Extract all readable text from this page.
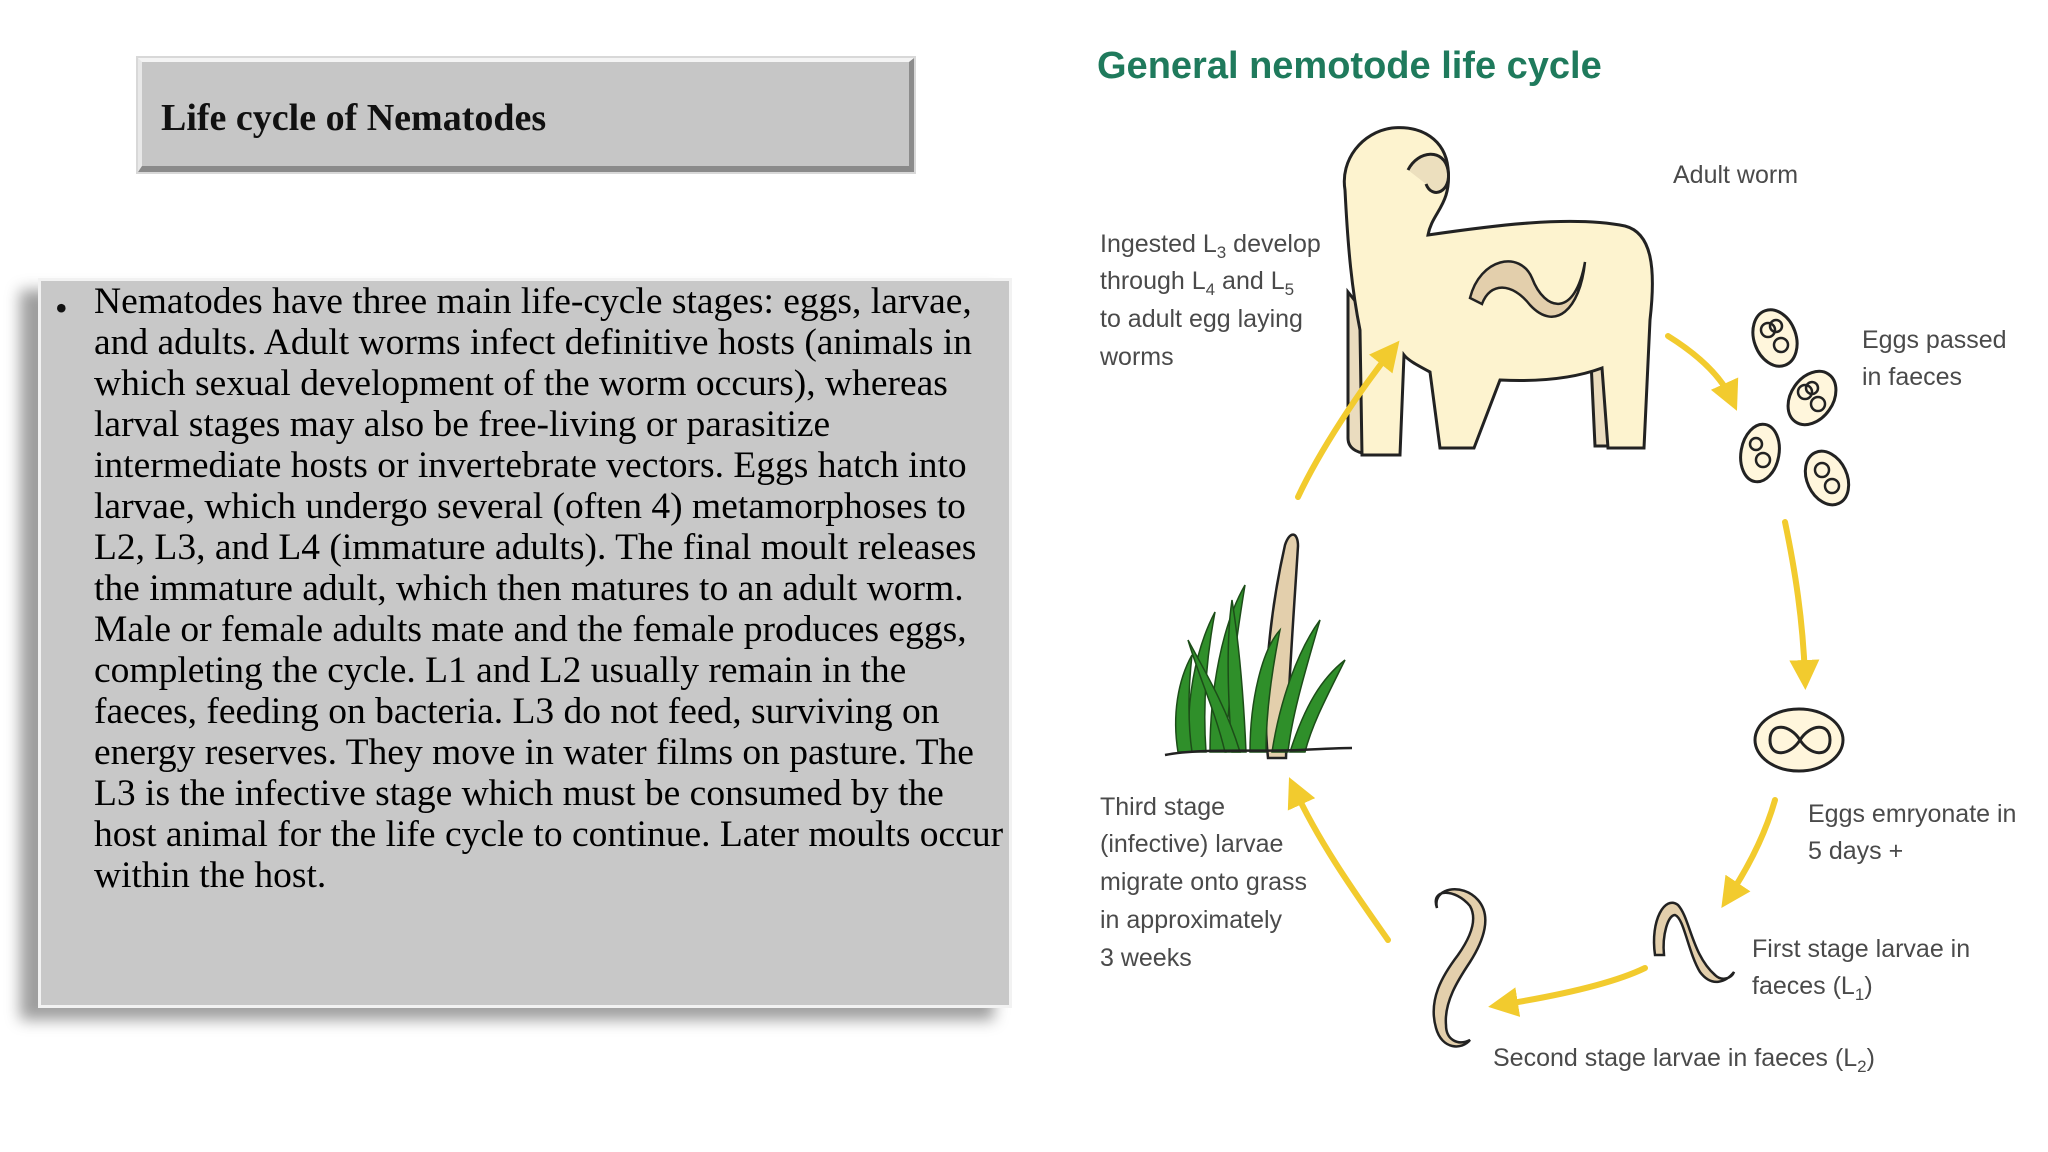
Life cycle of Nematodes
• Nematodes have three main life-cycle stages: eggs, larvae, and adults. Adult worms infect definitive hosts (animals in which sexual development of the worm occurs), whereas larval stages may also be free-living or parasitize intermediate hosts or invertebrate vectors. Eggs hatch into larvae, which undergo several (often 4) metamorphoses to L2, L3, and L4 (immature adults). The final moult releases the immature adult, which then matures to an adult worm. Male or female adults mate and the female produces eggs, completing the cycle. L1 and L2 usually remain in the faeces, feeding on bacteria. L3 do not feed, surviving on energy reserves. They move in water films on pasture. The L3 is the infective stage which must be consumed by the host animal for the life cycle to continue. Later moults occur within the host.

General nemotode life cycle
Adult worm
Ingested $L_3$ develop
through $L_4$ and $L_5$
to adult egg laying
worms
Eggs passed
in faeces
Eggs emryonate in
5 days +
First stage larvae in
faeces $(L_1)$
Second stage larvae in faeces $(L_2)$
Third stage
(infective) larvae
migrate onto grass
in approximately
3 weeks
